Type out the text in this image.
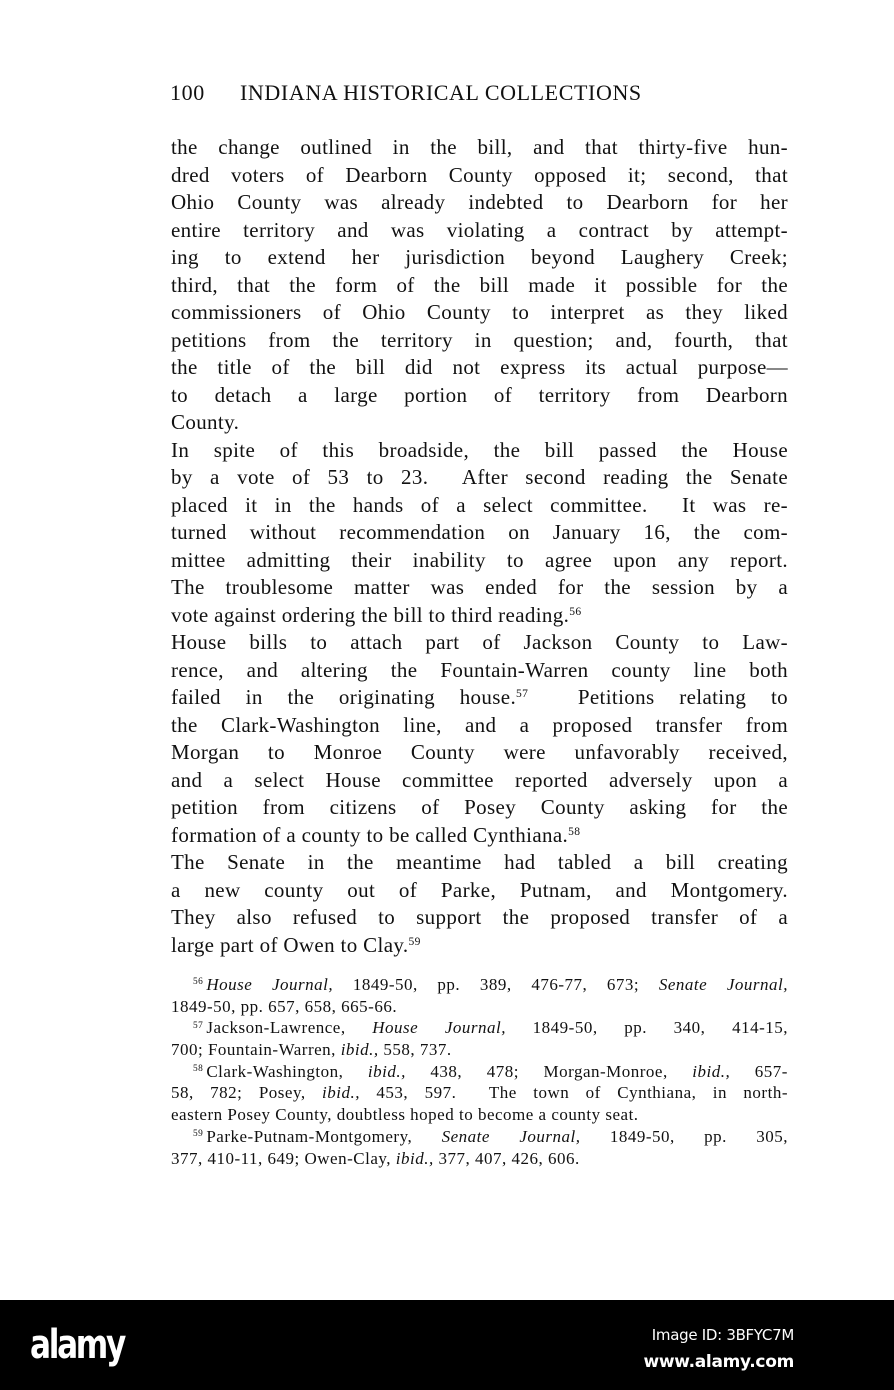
100 INDIANA HISTORICAL COLLECTIONS
the change outlined in the bill, and that thirty-five hun-
dred voters of Dearborn County opposed it; second, that
Ohio County was already indebted to Dearborn for her
entire territory and was violating a contract by attempt-
ing to extend her jurisdiction beyond Laughery Creek;
third, that the form of the bill made it possible for the
commissioners of Ohio County to interpret as they liked
petitions from the territory in question; and, fourth, that
the title of the bill did not express its actual purpose—
to detach a large portion of territory from Dearborn
County.
In spite of this broadside, the bill passed the House
by a vote of 53 to 23.  After second reading the Senate
placed it in the hands of a select committee.  It was re-
turned without recommendation on January 16, the com-
mittee admitting their inability to agree upon any report.
The troublesome matter was ended for the session by a
vote against ordering the bill to third reading.$^{56}$
House bills to attach part of Jackson County to Law-
rence, and altering the Fountain-Warren county line both
failed in the originating house.$^{57}$  Petitions relating to
the Clark-Washington line, and a proposed transfer from
Morgan to Monroe County were unfavorably received,
and a select House committee reported adversely upon a
petition from citizens of Posey County asking for the
formation of a county to be called Cynthiana.$^{58}$
The Senate in the meantime had tabled a bill creating
a new county out of Parke, Putnam, and Montgomery.
They also refused to support the proposed transfer of a
large part of Owen to Clay.$^{59}$
$^{56}$ House Journal, 1849-50, pp. 389, 476-77, 673; Senate Journal,
1849-50, pp. 657, 658, 665-66.
$^{57}$ Jackson-Lawrence, House Journal, 1849-50, pp. 340, 414-15,
700; Fountain-Warren, ibid., 558, 737.
$^{58}$ Clark-Washington, ibid., 438, 478; Morgan-Monroe, ibid., 657-
58, 782; Posey, ibid., 453, 597.  The town of Cynthiana, in north-
eastern Posey County, doubtless hoped to become a county seat.
$^{59}$ Parke-Putnam-Montgomery, Senate Journal, 1849-50, pp. 305,
377, 410-11, 649; Owen-Clay, ibid., 377, 407, 426, 606.
alamy	Image ID: 3BFYC7M
www.alamy.com
